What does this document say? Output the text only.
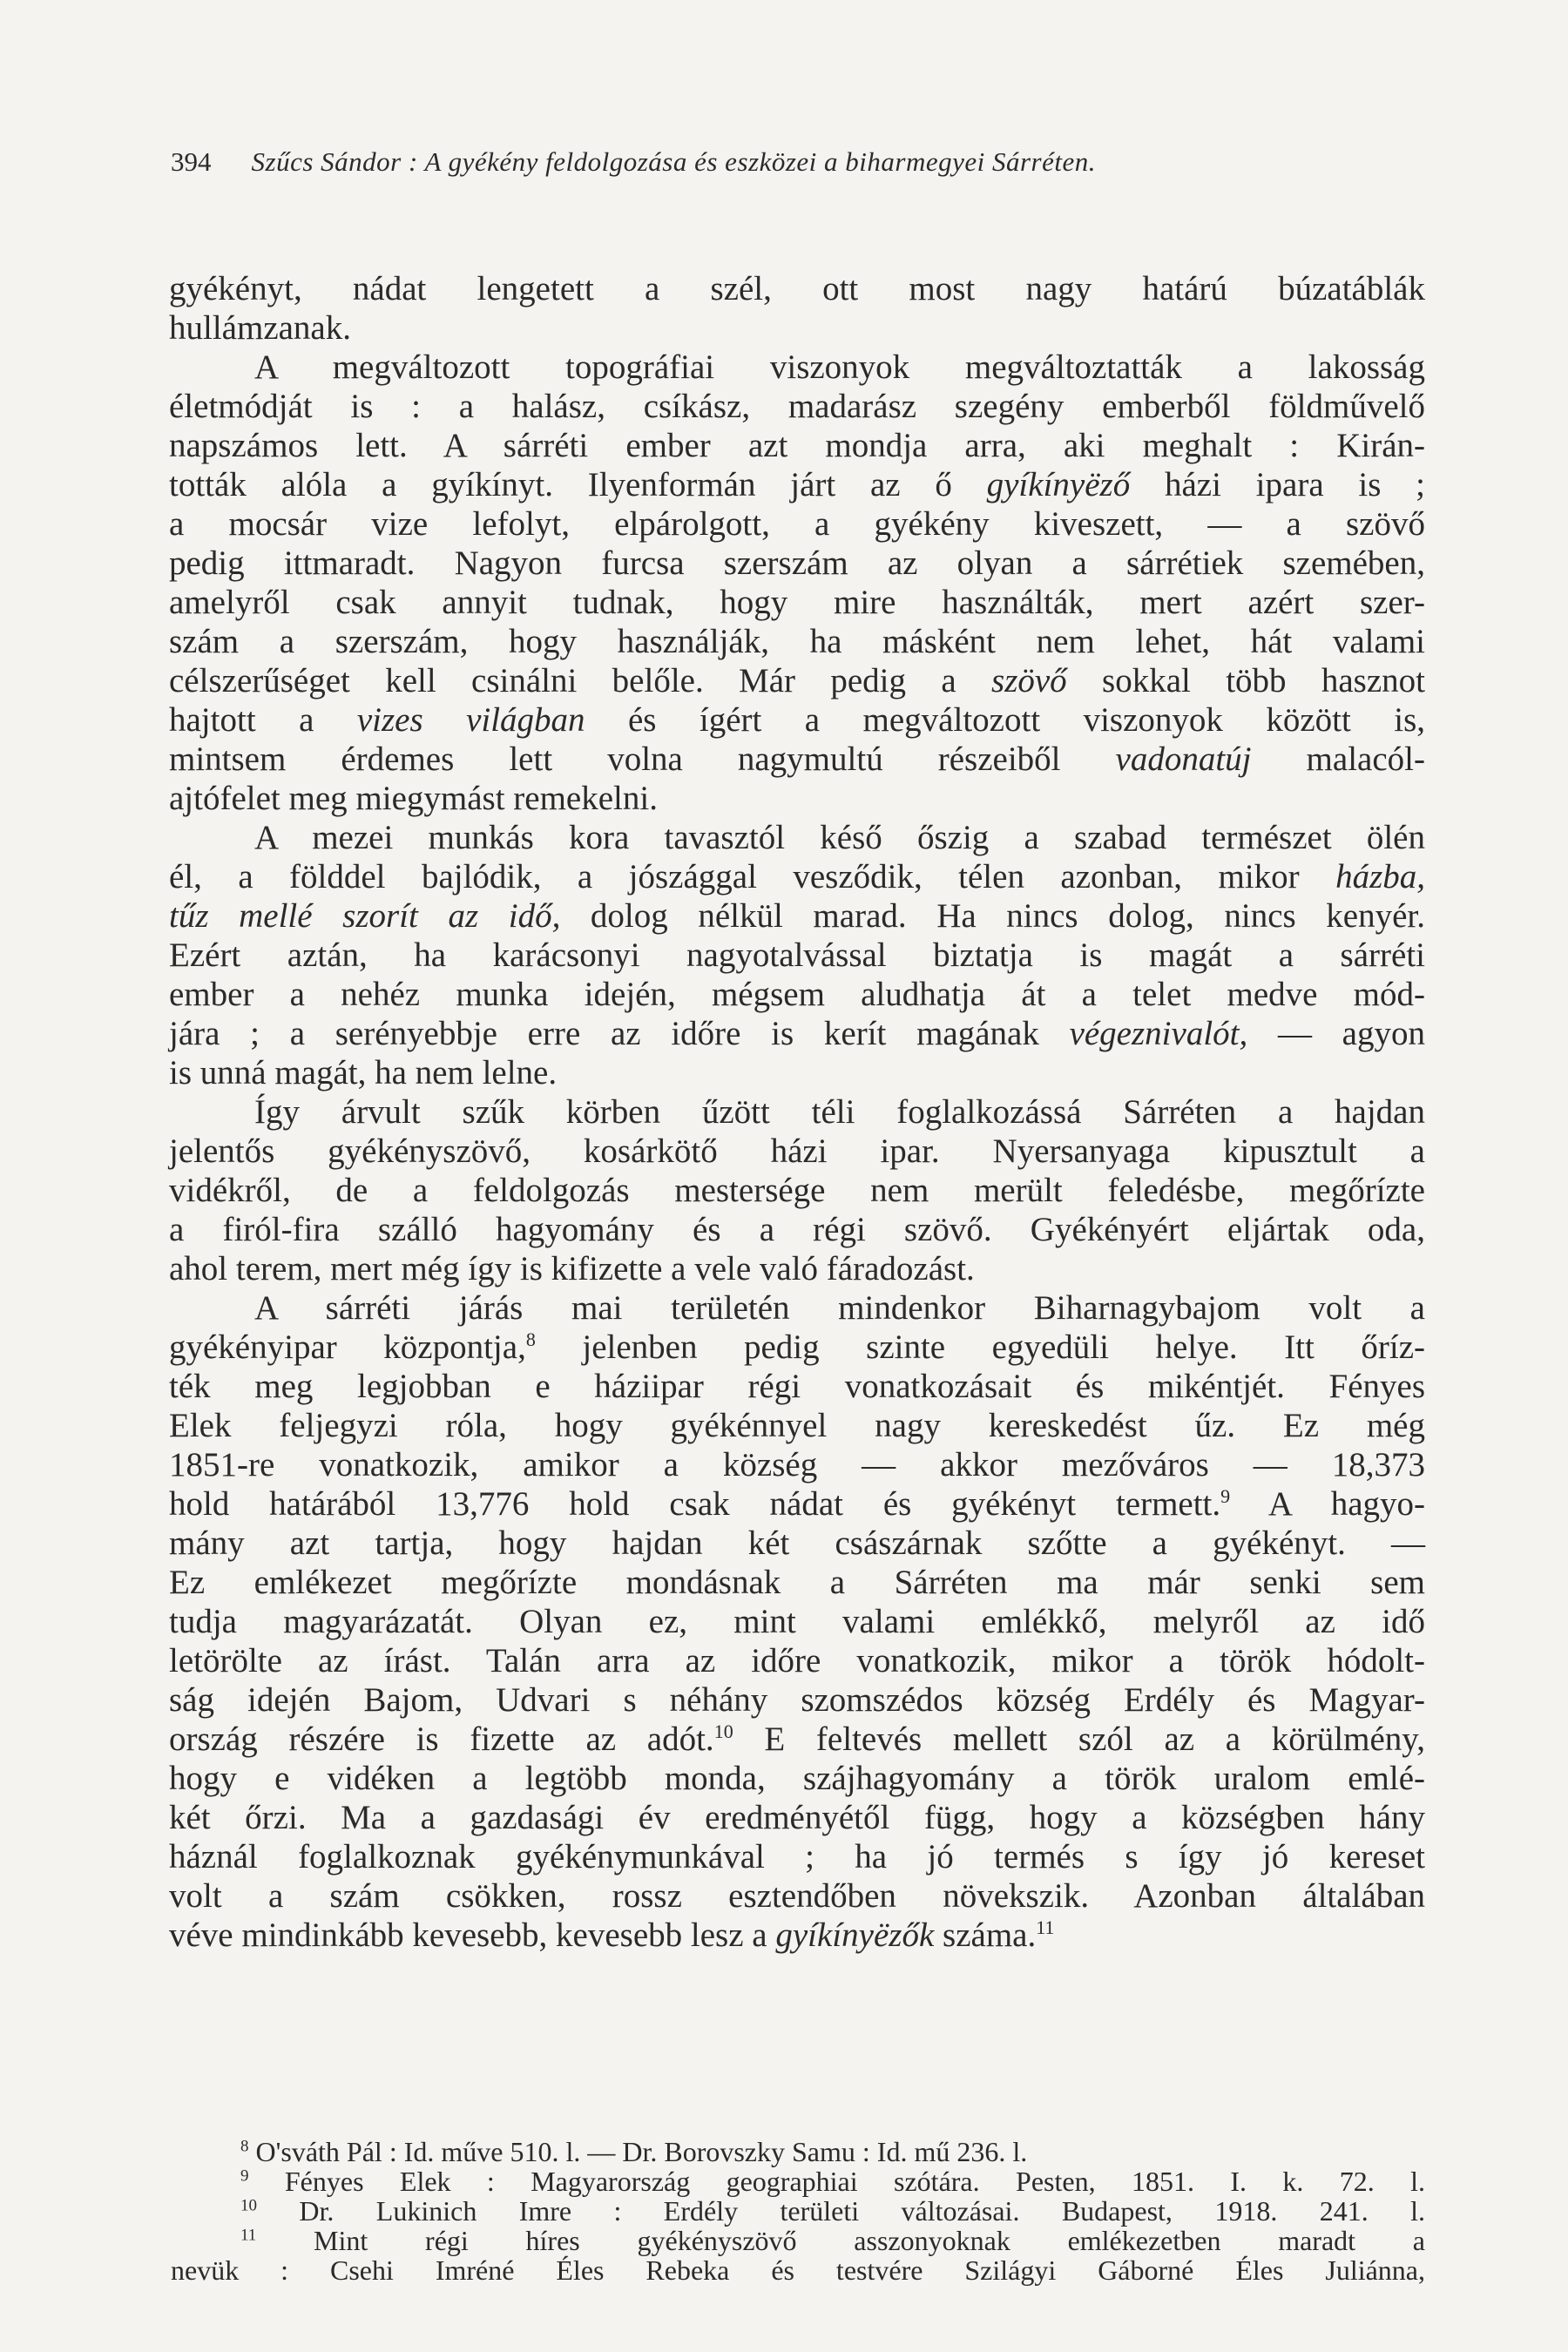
394 Szűcs Sándor : A gyékény feldolgozása és eszközei a biharmegyei Sárréten.
gyékényt, nádat lengetett a szél, ott most nagy határú búzatáblák
hullámzanak.
A megváltozott topográfiai viszonyok megváltoztatták a lakosság
életmódját is : a halász, csíkász, madarász szegény emberből földművelő
napszámos lett. A sárréti ember azt mondja arra, aki meghalt : Kirán-
tották alóla a gyíkínyt. Ilyenformán járt az ő gyíkínyëző házi ipara is ;
a mocsár vize lefolyt, elpárolgott, a gyékény kiveszett, — a szövő
pedig ittmaradt. Nagyon furcsa szerszám az olyan a sárrétiek szemében,
amelyről csak annyit tudnak, hogy mire használták, mert azért szer-
szám a szerszám, hogy használják, ha másként nem lehet, hát valami
célszerűséget kell csinálni belőle. Már pedig a szövő sokkal több hasznot
hajtott a vizes világban és ígért a megváltozott viszonyok között is,
mintsem érdemes lett volna nagymultú részeiből vadonatúj malacól-
ajtófelet meg miegymást remekelni.
A mezei munkás kora tavasztól késő őszig a szabad természet ölén
él, a földdel bajlódik, a jószággal vesződik, télen azonban, mikor házba,
tűz mellé szorít az idő, dolog nélkül marad. Ha nincs dolog, nincs kenyér.
Ezért aztán, ha karácsonyi nagyotalvással biztatja is magát a sárréti
ember a nehéz munka idején, mégsem aludhatja át a telet medve mód-
jára ; a serényebbje erre az időre is kerít magának végeznivalót, — agyon
is unná magát, ha nem lelne.
Így árvult szűk körben űzött téli foglalkozássá Sárréten a hajdan
jelentős gyékényszövő, kosárkötő házi ipar. Nyersanyaga kipusztult a
vidékről, de a feldolgozás mestersége nem merült feledésbe, megőrízte
a firól-fira szálló hagyomány és a régi szövő. Gyékényért eljártak oda,
ahol terem, mert még így is kifizette a vele való fáradozást.
A sárréti járás mai területén mindenkor Biharnagybajom volt a
gyékényipar központja,$^8$ jelenben pedig szinte egyedüli helye. Itt őríz-
ték meg legjobban e háziipar régi vonatkozásait és mikéntjét. Fényes
Elek feljegyzi róla, hogy gyékénnyel nagy kereskedést űz. Ez még
1851-re vonatkozik, amikor a község — akkor mezőváros — 18,373
hold határából 13,776 hold csak nádat és gyékényt termett.$^9$ A hagyo-
mány azt tartja, hogy hajdan két császárnak szőtte a gyékényt. —
Ez emlékezet megőrízte mondásnak a Sárréten ma már senki sem
tudja magyarázatát. Olyan ez, mint valami emlékkő, melyről az idő
letörölte az írást. Talán arra az időre vonatkozik, mikor a török hódolt-
ság idején Bajom, Udvari s néhány szomszédos község Erdély és Magyar-
ország részére is fizette az adót.$^{10}$ E feltevés mellett szól az a körülmény,
hogy e vidéken a legtöbb monda, szájhagyomány a török uralom emlé-
két őrzi. Ma a gazdasági év eredményétől függ, hogy a községben hány
háznál foglalkoznak gyékénymunkával ; ha jó termés s így jó kereset
volt a szám csökken, rossz esztendőben növekszik. Azonban általában
véve mindinkább kevesebb, kevesebb lesz a gyíkínyëzők száma.$^{11}$
$^8$ O'sváth Pál : Id. műve 510. l. — Dr. Borovszky Samu : Id. mű 236. l.
$^9$ Fényes Elek : Magyarország geographiai szótára. Pesten, 1851. I. k. 72. l.
$^{10}$ Dr. Lukinich Imre : Erdély területi változásai. Budapest, 1918. 241. l.
$^{11}$ Mint régi híres gyékényszövő asszonyoknak emlékezetben maradt a
nevük : Csehi Imréné Éles Rebeka és testvére Szilágyi Gáborné Éles Juliánna,
